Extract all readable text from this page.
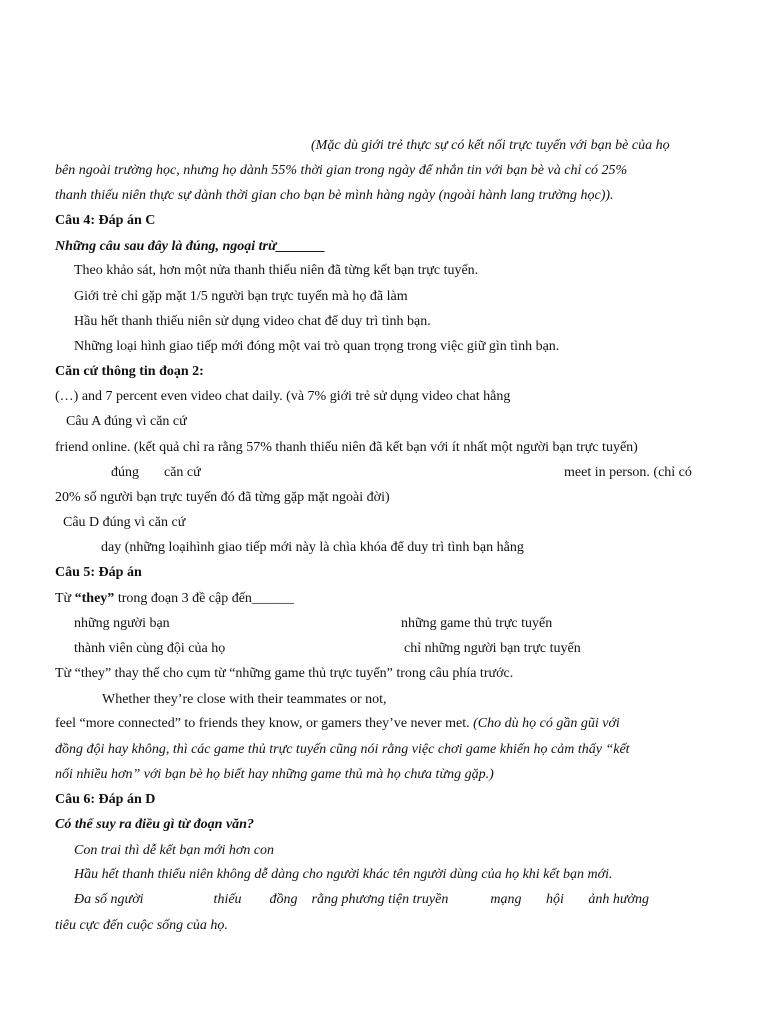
(Mặc dù giới trẻ thực sự có kết nối trực tuyến với bạn bè của họ
bên ngoài trường học, nhưng họ dành 55% thời gian trong ngày để nhắn tin với bạn bè và chỉ có 25%
thanh thiếu niên thực sự dành thời gian cho bạn bè mình hàng ngày (ngoài hành lang trường học)).
Câu 4: Đáp án C
Những câu sau đây là đúng, ngoại trừ_______
Theo khảo sát, hơn một nửa thanh thiếu niên đã từng kết bạn trực tuyến.
Giới trẻ chỉ gặp mặt 1/5 người bạn trực tuyến mà họ đã làm
Hầu hết thanh thiếu niên sử dụng video chat để duy trì tình bạn.
Những loại hình giao tiếp mới đóng một vai trò quan trọng trong việc giữ gìn tình bạn.
Căn cứ thông tin đoạn 2:
(…) and 7 percent even video chat daily. (và 7% giới trẻ sử dụng video chat hằng
Câu A đúng vì căn cứ
friend online. (kết quả chỉ ra rằng 57% thanh thiếu niên đã kết bạn với ít nhất một người bạn trực tuyến)
đúng căn cứ	meet in person. (chỉ có
20% số người bạn trực tuyến đó đã từng gặp mặt ngoài đời)
Câu D đúng vì căn cứ
day (những loạihình giao tiếp mới này là chìa khóa để duy trì tình bạn hằng
Câu 5: Đáp án
Từ “they” trong đoạn 3 đề cập đến______
những người bạn	những game thủ trực tuyến
thành viên cùng đội của họ	chỉ những người bạn trực tuyến
Từ “they” thay thế cho cụm từ “những game thủ trực tuyến” trong câu phía trước.
Whether they’re close with their teammates or not,
feel “more connected” to friends they know, or gamers they’ve never met. (Cho dù họ có gần gũi với
đồng đội hay không, thì các game thủ trực tuyến cũng nói rằng việc chơi game khiến họ cảm thấy “kết
nối nhiều hơn” với bạn bè họ biết hay những game thủ mà họ chưa từng gặp.)
Câu 6: Đáp án D
Có thể suy ra điều gì từ đoạn văn?
Con trai thì dễ kết bạn mới hơn con
Hầu hết thanh thiếu niên không dễ dàng cho người khác tên người dùng của họ khi kết bạn mới.
Đa số người                    thiếu        đồng    rằng phương tiện truyền            mạng       hội       ảnh hưởng
tiêu cực đến cuộc sống của họ.
